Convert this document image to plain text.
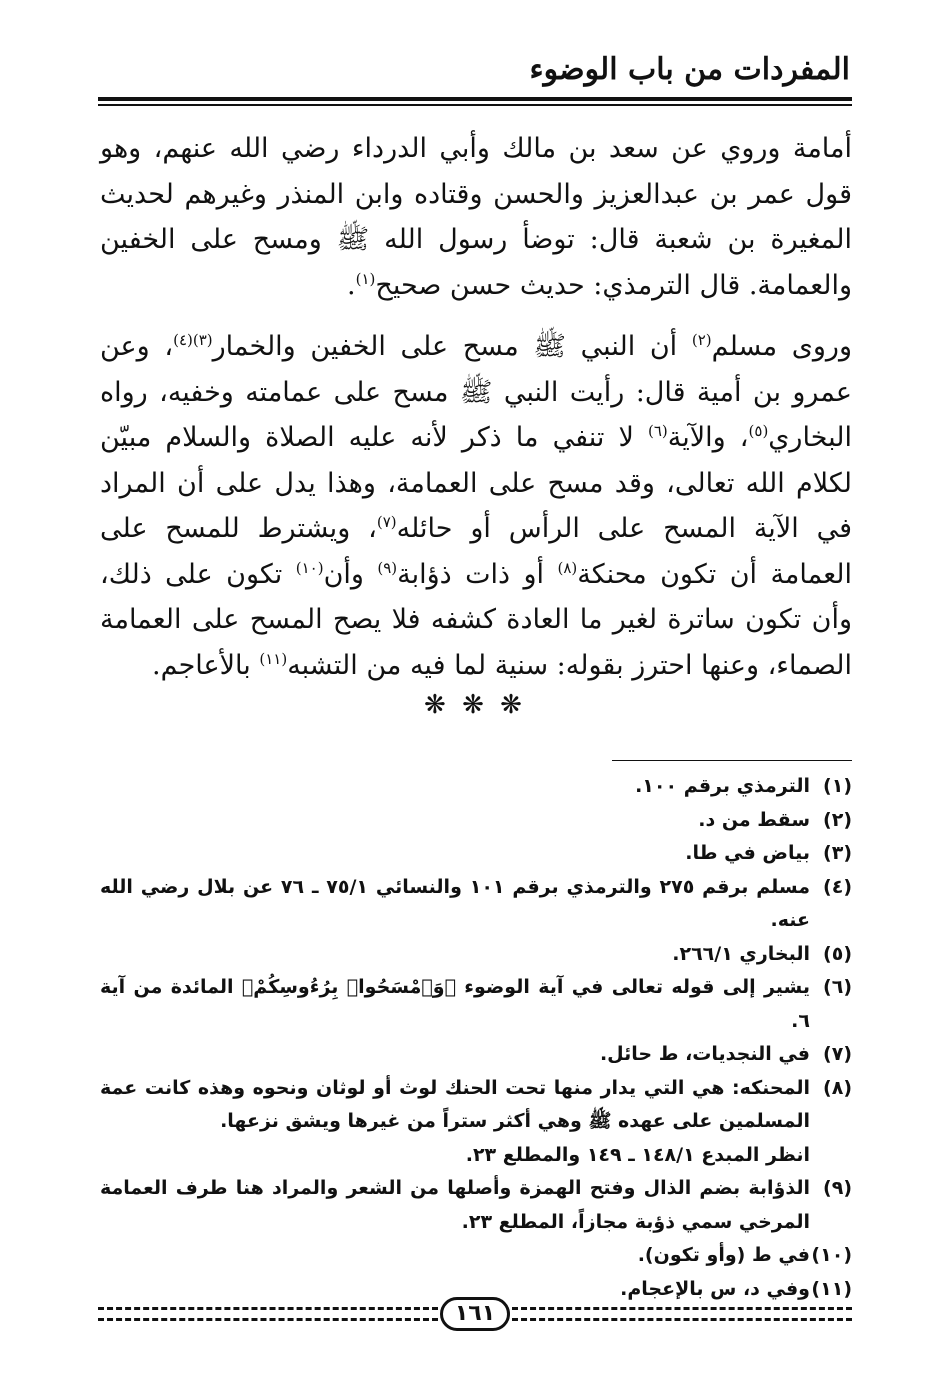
المفردات من باب الوضوء

أمامة وروي عن سعد بن مالك وأبي الدرداء رضي الله عنهم، وهو قول عمر بن عبدالعزيز والحسن وقتاده وابن المنذر وغيرهم لحديث المغيرة بن شعبة قال: توضأ رسول الله ﷺ ومسح على الخفين والعمامة. قال الترمذي: حديث حسن صحيح$^{(١)}$.

وروى مسلم$^{(٢)}$ أن النبي ﷺ مسح على الخفين والخمار$^{(٣)(٤)}$، وعن عمرو بن أمية قال: رأيت النبي ﷺ مسح على عمامته وخفيه، رواه البخاري$^{(٥)}$، والآية$^{(٦)}$ لا تنفي ما ذكر لأنه عليه الصلاة والسلام مبيّن لكلام الله تعالى، وقد مسح على العمامة، وهذا يدل على أن المراد في الآية المسح على الرأس أو حائله$^{(٧)}$، ويشترط للمسح على العمامة أن تكون محنكة$^{(٨)}$ أو ذات ذؤابة$^{(٩)}$ وأن$^{(١٠)}$ تكون على ذلك، وأن تكون ساترة لغير ما العادة كشفه فلا يصح المسح على العمامة الصماء، وعنها احترز بقوله: سنية لما فيه من التشبه$^{(١١)}$ بالأعاجم.

❋ ❋ ❋
(١)
الترمذي برقم ١٠٠.
(٢)
سقط من د.
(٣)
بياض في طا.
(٤)
مسلم برقم ٢٧٥ والترمذي برقم ١٠١ والنسائي ٧٥/١ ـ ٧٦ عن بلال رضي الله عنه.
(٥)
البخاري ٢٦٦/١.
(٦)
يشير إلى قوله تعالى في آية الوضوء ﴿وَٱمْسَحُوا۟ بِرُءُوسِكُمْ﴾ المائدة من آية ٦.
(٧)
في النجديات، ط حائل.
(٨)
المحنكه: هي التي يدار منها تحت الحنك لوث أو لوثان ونحوه وهذه كانت عمة المسلمين على عهده ﷺ وهي أكثر ستراً من غيرها ويشق نزعها.
انظر المبدع ١٤٨/١ ـ ١٤٩ والمطلع ٢٣.
(٩)
الذؤابة بضم الذال وفتح الهمزة وأصلها من الشعر والمراد هنا طرف العمامة المرخي سمي ذؤبة مجازاً، المطلع ٢٣.
(١٠)
في ط (وأو تكون).
(١١)
وفي د، س بالإعجام.
١٦١
